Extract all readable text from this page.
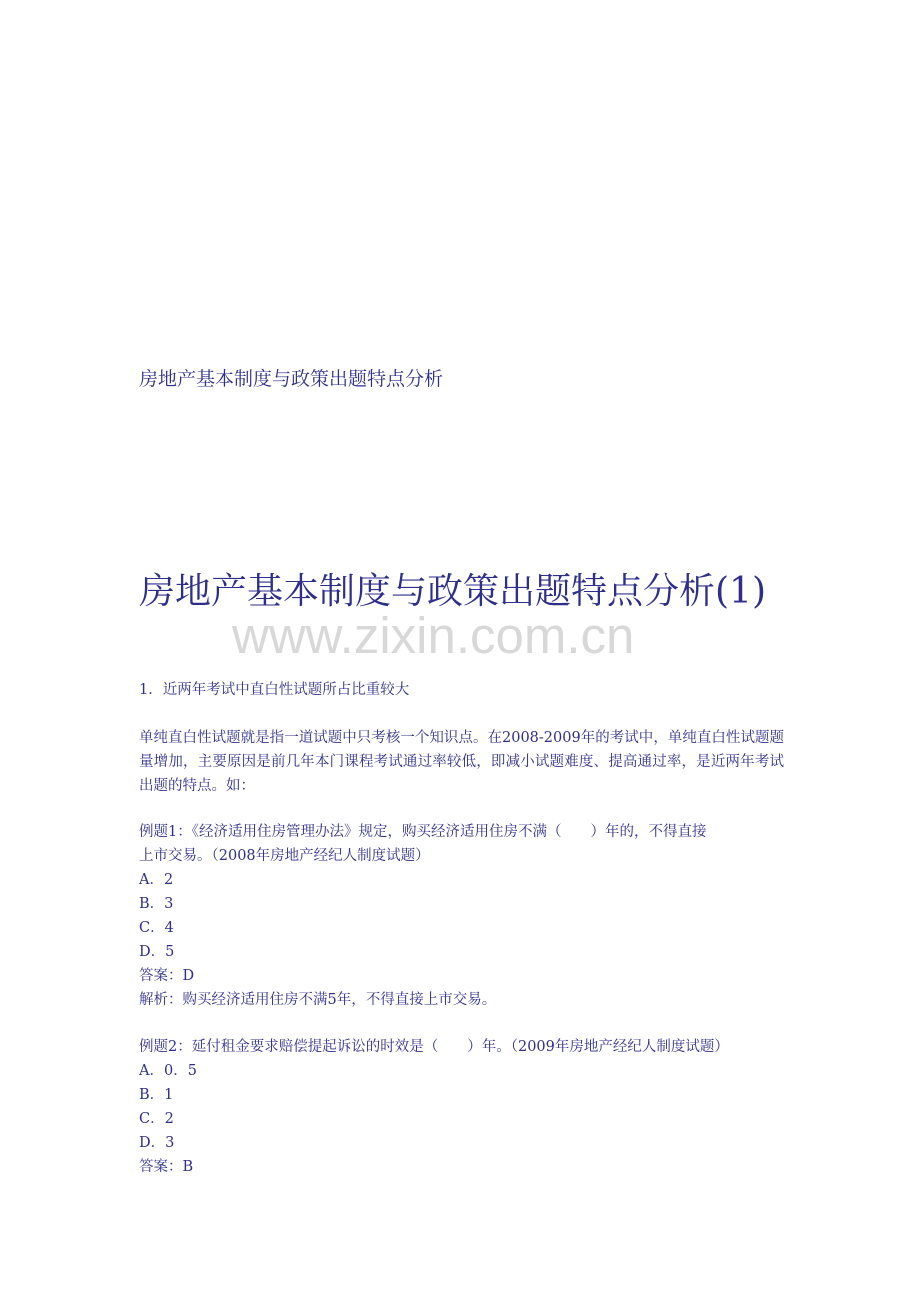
房地产基本制度与政策出题特点分析
房地产基本制度与政策出题特点分析(1)
www.zixin.com.cn
1．近两年考试中直白性试题所占比重较大
单纯直白性试题就是指一道试题中只考核一个知识点。在2008-2009年的考试中，单纯直白性试题题量增加，主要原因是前几年本门课程考试通过率较低，即减小试题难度、提高通过率，是近两年考试出题的特点。如：
例题1：《经济适用住房管理办法》规定，购买经济适用住房不满（　　）年的，不得直接
上市交易。（2008年房地产经纪人制度试题）
A．2
B．3
C．4
D．5
答案：D
解析：购买经济适用住房不满5年，不得直接上市交易。
例题2：延付租金要求赔偿提起诉讼的时效是（　　）年。（2009年房地产经纪人制度试题）
A．0．5
B．1
C．2
D．3
答案：B
